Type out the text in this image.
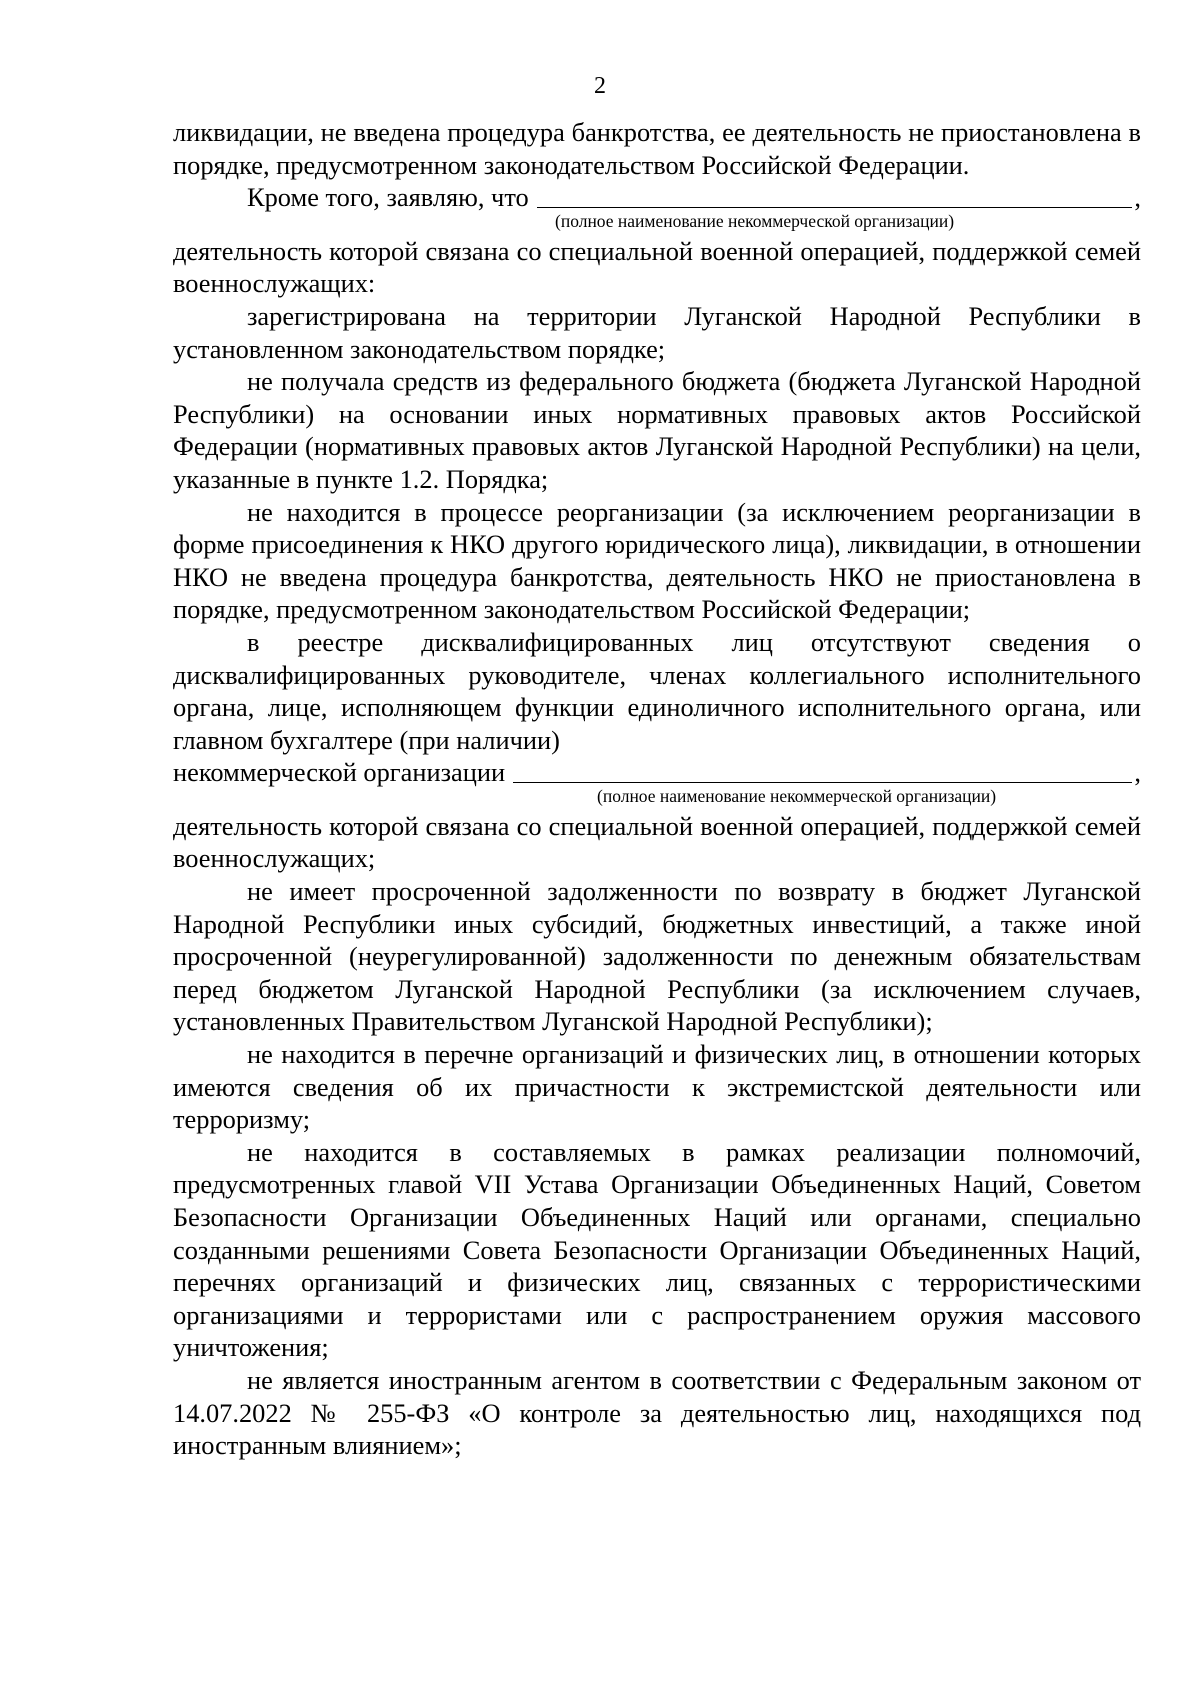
2

ликвидации, не введена процедура банкротства, ее деятельность не приостановлена в порядке, предусмотренном законодательством Российской Федерации.

Кроме того, заявляю, что	,
(полное наименование некоммерческой организации)

деятельность которой связана со специальной военной операцией, поддержкой семей военнослужащих:

зарегистрирована на территории Луганской Народной Республики в установленном законодательством порядке;

не получала средств из федерального бюджета (бюджета Луганской Народной Республики) на основании иных нормативных правовых актов Российской Федерации (нормативных правовых актов Луганской Народной Республики) на цели, указанные в пункте 1.2. Порядка;

не находится в процессе реорганизации (за исключением реорганизации в форме присоединения к НКО другого юридического лица), ликвидации, в отношении НКО не введена процедура банкротства, деятельность НКО не приостановлена в порядке, предусмотренном законодательством Российской Федерации;

в реестре дисквалифицированных лиц отсутствуют сведения о дисквалифицированных руководителе, членах коллегиального исполнительного органа, лице, исполняющем функции единоличного исполнительного органа, или главном бухгалтере (при наличии)

некоммерческой организации	,
(полное наименование некоммерческой организации)

деятельность которой связана со специальной военной операцией, поддержкой семей военнослужащих;

не имеет просроченной задолженности по возврату в бюджет Луганской Народной Республики иных субсидий, бюджетных инвестиций, а также иной просроченной (неурегулированной) задолженности по денежным обязательствам перед бюджетом Луганской Народной Республики (за исключением случаев, установленных Правительством Луганской Народной Республики);

не находится в перечне организаций и физических лиц, в отношении которых имеются сведения об их причастности к экстремистской деятельности или терроризму;

не находится в составляемых в рамках реализации полномочий, предусмотренных главой VII Устава Организации Объединенных Наций, Советом Безопасности Организации Объединенных Наций или органами, специально созданными решениями Совета Безопасности Организации Объединенных Наций, перечнях организаций и физических лиц, связанных с террористическими организациями и террористами или с распространением оружия массового уничтожения;

не является иностранным агентом в соответствии с Федеральным законом от 14.07.2022 № 255-ФЗ «О контроле за деятельностью лиц, находящихся под иностранным влиянием»;
